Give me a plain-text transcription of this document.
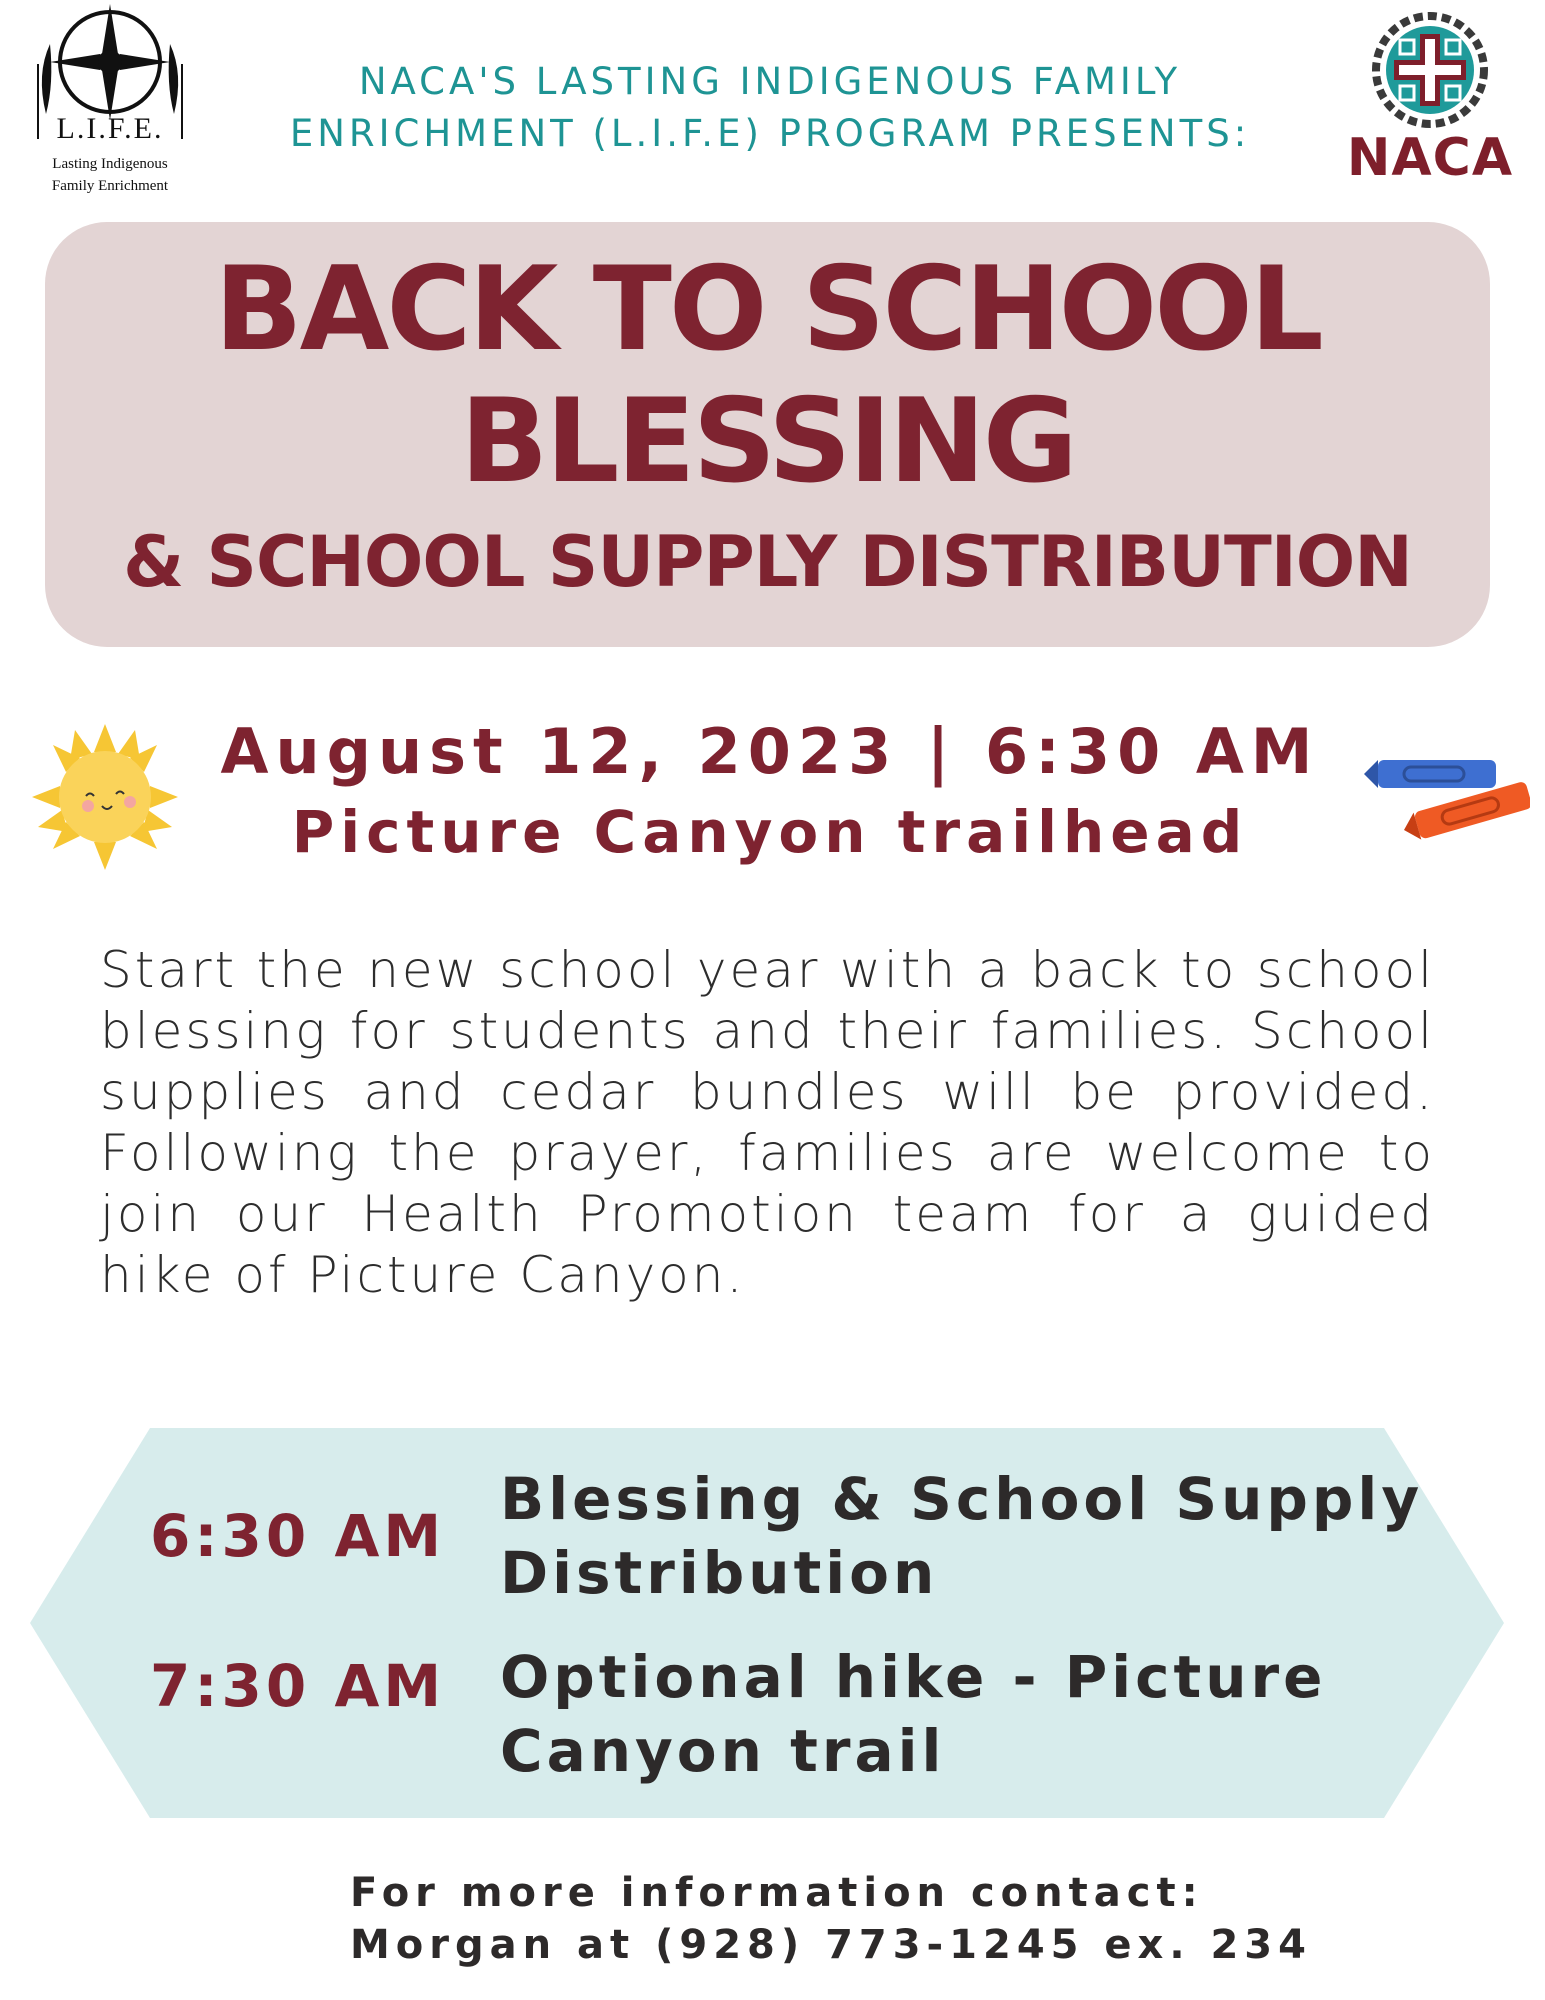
L.I.F.E.
Lasting Indigenous
Family Enrichment
NACA'S LASTING INDIGENOUS FAMILY
ENRICHMENT (L.I.F.E) PROGRAM PRESENTS:	NACA
BACK TO SCHOOL
BLESSING
& SCHOOL SUPPLY DISTRIBUTION
August 12, 2023 | 6:30 AM
Picture Canyon trailhead
Start the new school year with a back to school blessing for students and their families. School supplies and cedar bundles will be provided. Following the prayer, families are welcome to join our Health Promotion team for a guided hike of Picture Canyon.
6:30 AM
Blessing & School Supply Distribution
7:30 AM Optional hike - Picture Canyon trail
For more information contact:
Morgan at (928) 773-1245 ex. 234
